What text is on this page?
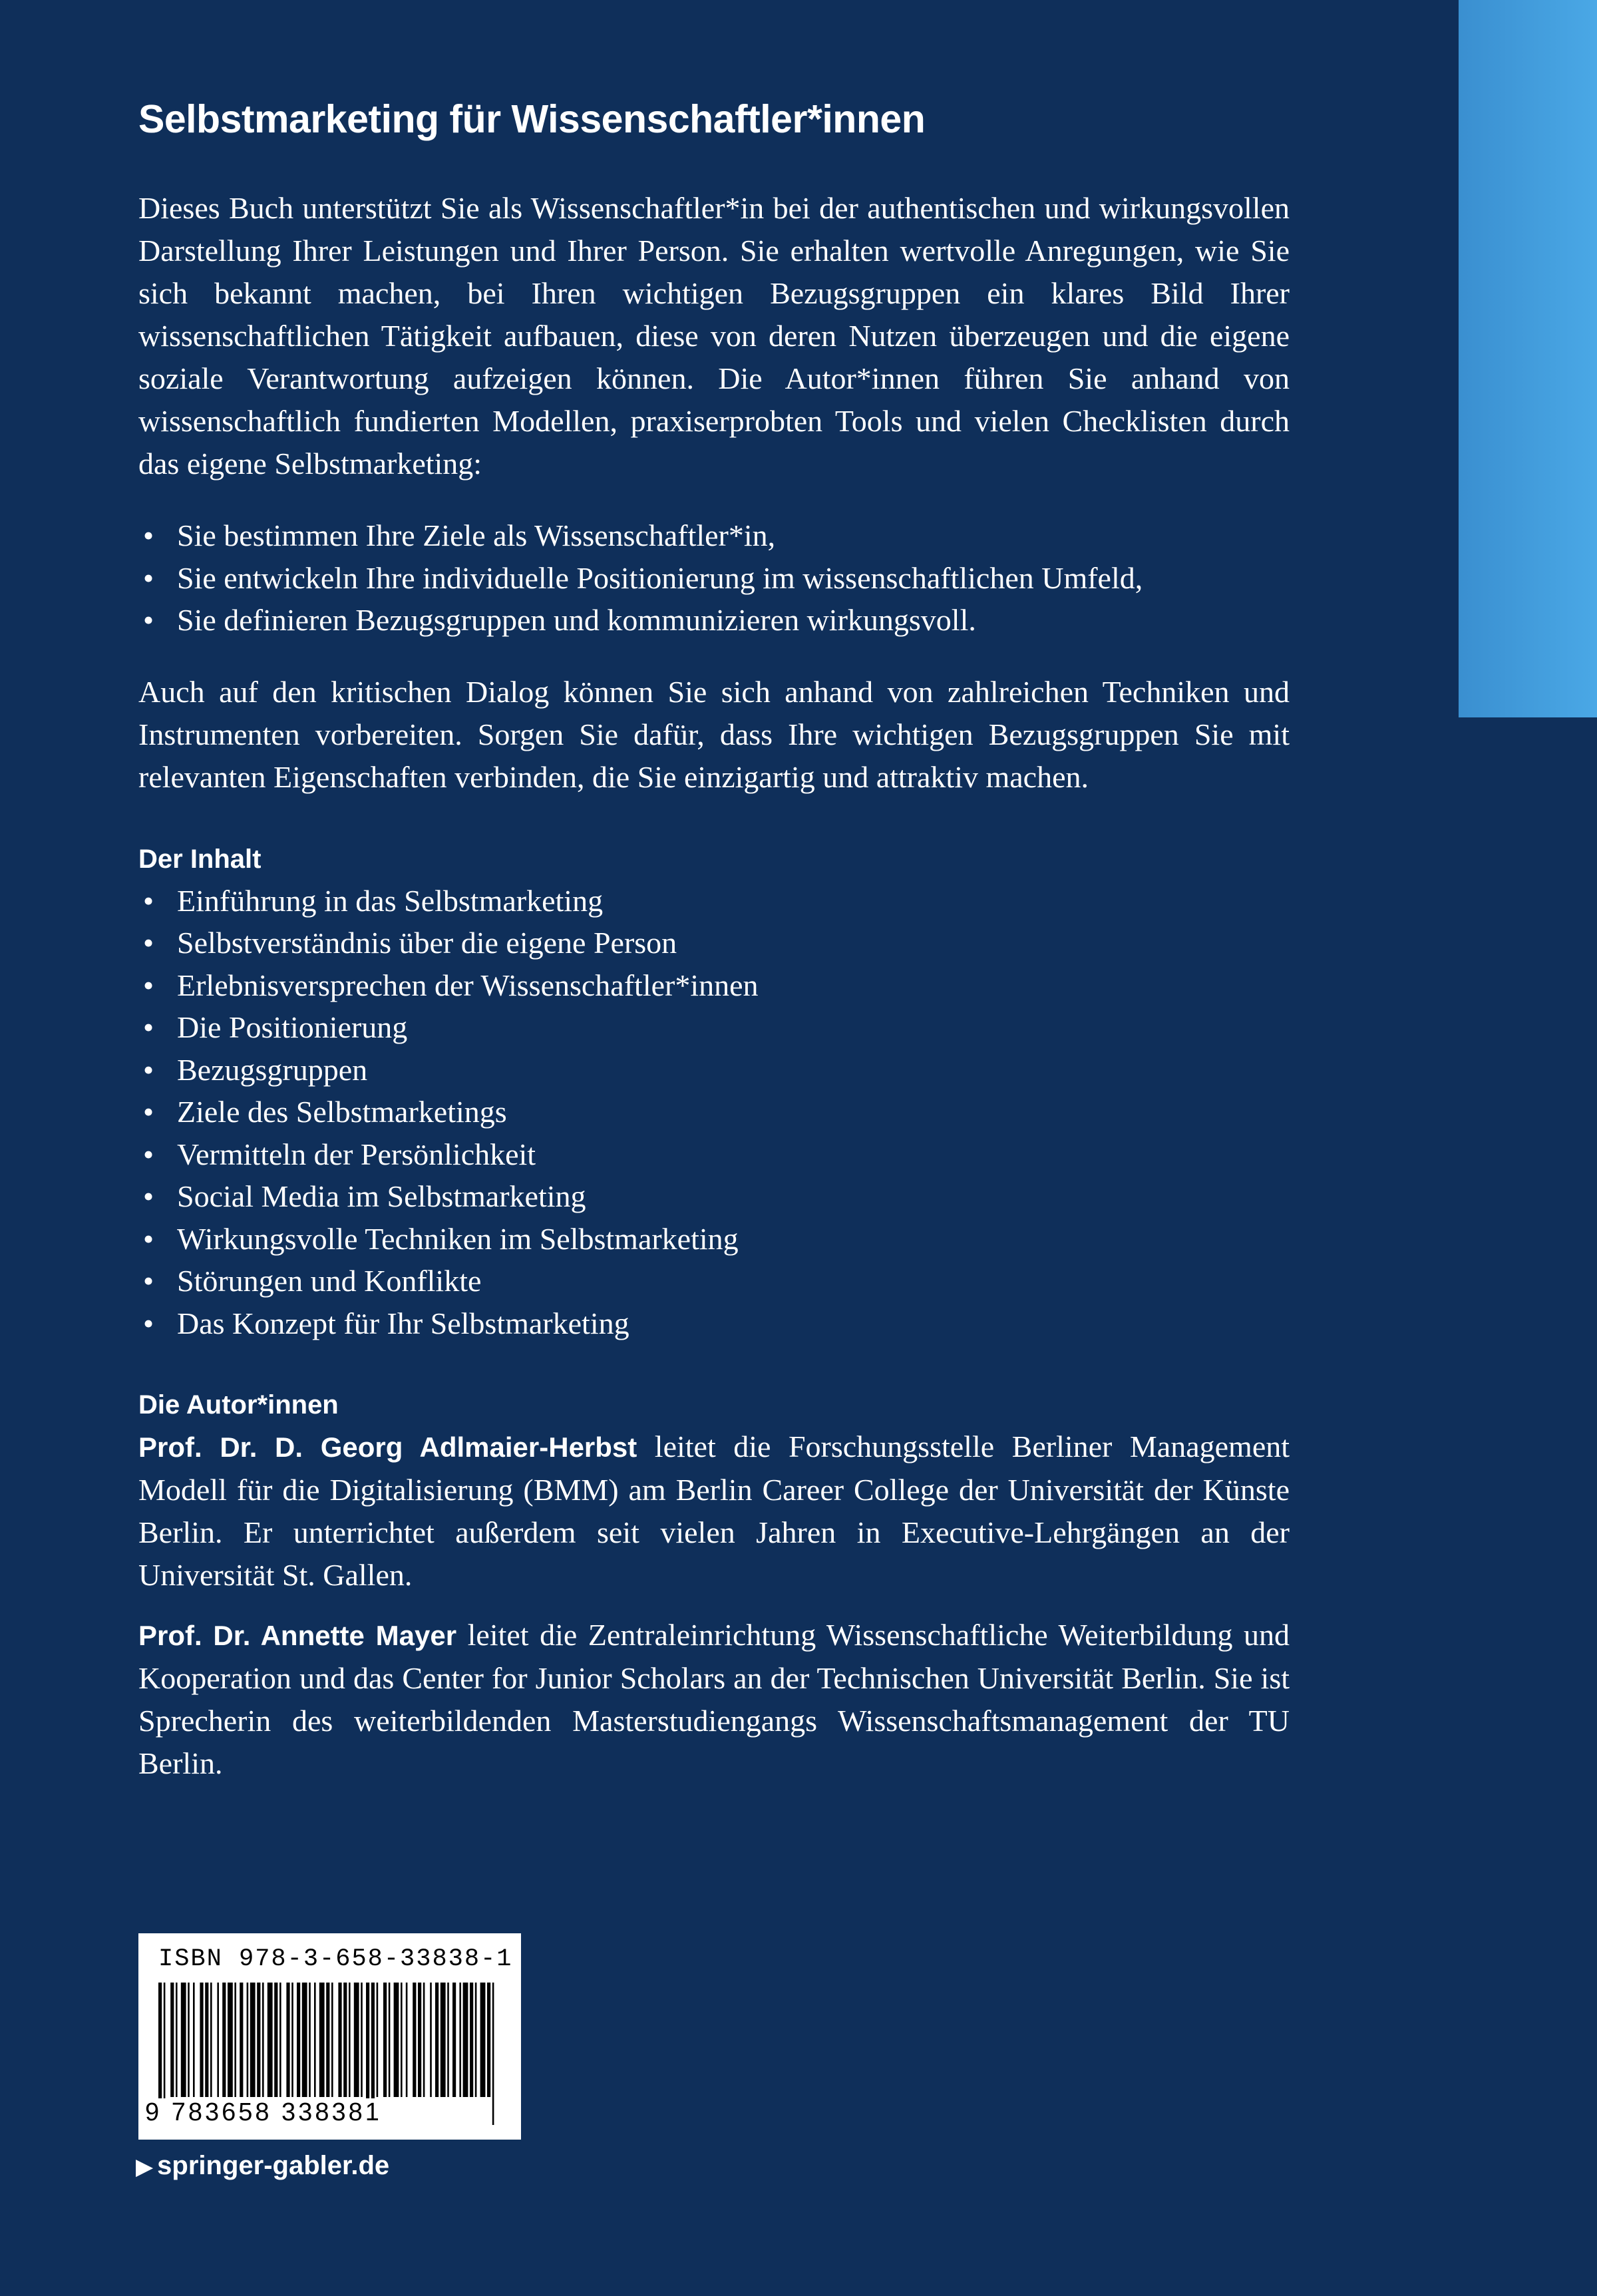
Selbstmarketing für Wissenschaftler*innen

Dieses Buch unterstützt Sie als Wissenschaftler*in bei der authentischen und wirkungsvollen Darstellung Ihrer Leistungen und Ihrer Person. Sie erhalten wertvolle Anregungen, wie Sie sich bekannt machen, bei Ihren wichtigen Bezugsgruppen ein klares Bild Ihrer wissenschaftlichen Tätigkeit aufbauen, diese von deren Nutzen überzeugen und die eigene soziale Verantwortung aufzeigen können. Die Autor*innen führen Sie anhand von wissenschaftlich fundierten Modellen, praxiserprobten Tools und vielen Checklisten durch das eigene Selbstmarketing:

• Sie bestimmen Ihre Ziele als Wissenschaftler*in,
• Sie entwickeln Ihre individuelle Positionierung im wissenschaftlichen Umfeld,
• Sie definieren Bezugsgruppen und kommunizieren wirkungsvoll.

Auch auf den kritischen Dialog können Sie sich anhand von zahlreichen Techniken und Instrumenten vorbereiten. Sorgen Sie dafür, dass Ihre wichtigen Bezugsgruppen Sie mit relevanten Eigenschaften verbinden, die Sie einzigartig und attraktiv machen.

Der Inhalt
• Einführung in das Selbstmarketing
• Selbstverständnis über die eigene Person
• Erlebnisversprechen der Wissenschaftler*innen
• Die Positionierung
• Bezugsgruppen
• Ziele des Selbstmarketings
• Vermitteln der Persönlichkeit
• Social Media im Selbstmarketing
• Wirkungsvolle Techniken im Selbstmarketing
• Störungen und Konflikte
• Das Konzept für Ihr Selbstmarketing
Die Autor*innen

Prof. Dr. D. Georg Adlmaier-Herbst leitet die Forschungsstelle Berliner Management Modell für die Digitalisierung (BMM) am Berlin Career College der Universität der Künste Berlin. Er unterrichtet außerdem seit vielen Jahren in Executive-Lehrgängen an der Universität St. Gallen.

Prof. Dr. Annette Mayer leitet die Zentraleinrichtung Wissenschaftliche Weiterbildung und Kooperation und das Center for Junior Scholars an der Technischen Universität Berlin. Sie ist Sprecherin des weiterbildenden Masterstudiengangs Wissenschaftsmanagement der TU Berlin.

ISBN 978-3-658-33838-1
9 783658 338381
▶ springer-gabler.de
